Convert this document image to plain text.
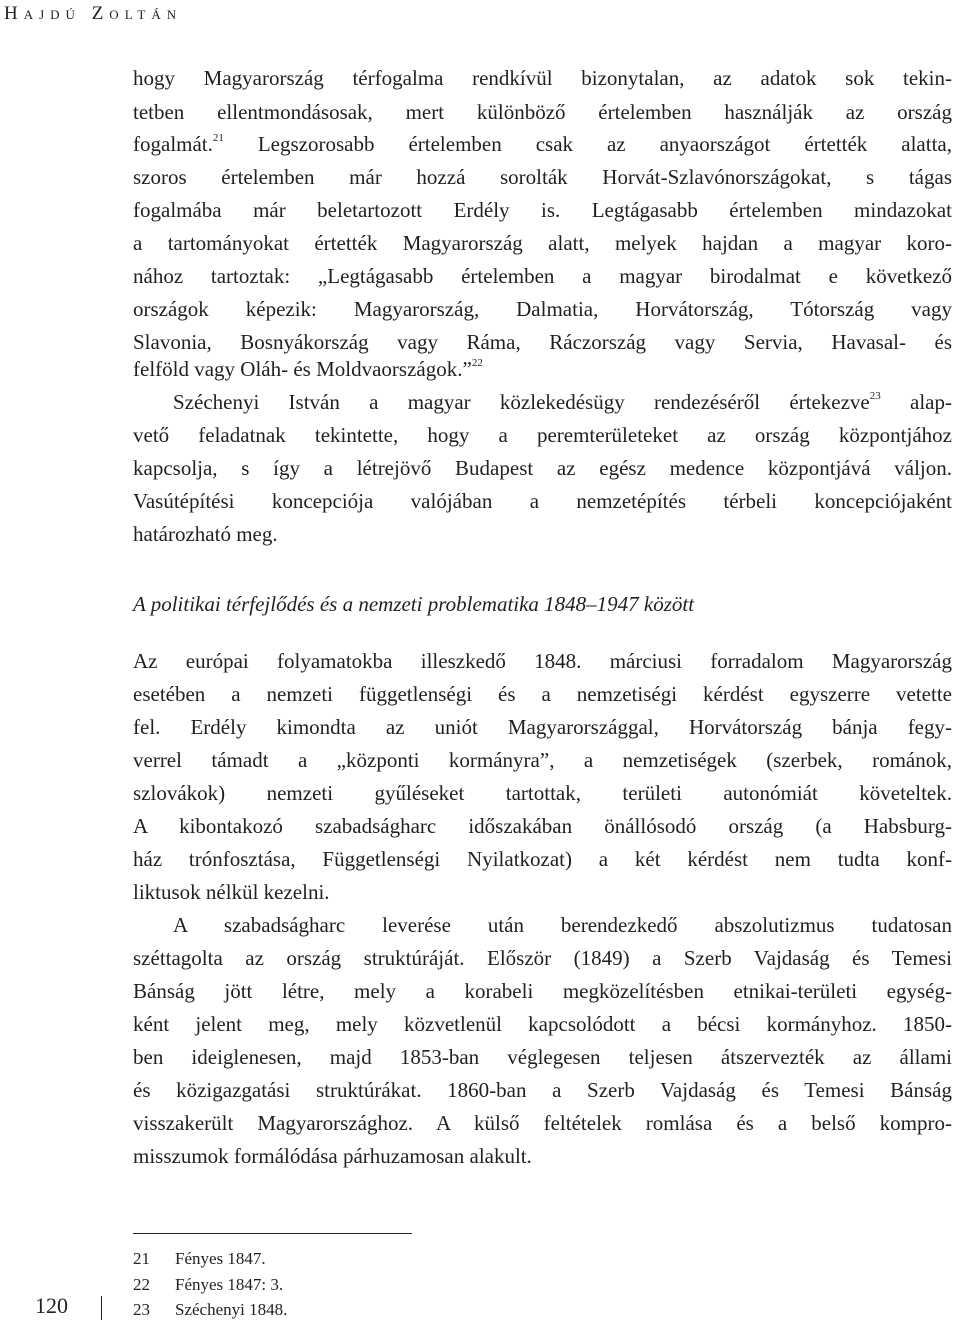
Hajdú Zoltán
hogy Magyarország térfogalma rendkívül bizonytalan, az adatok sok tekin-
tetben ellentmondásosak, mert különböző értelemben használják az ország
fogalmát.$^{21}$ Legszorosabb értelemben csak az anyaországot értették alatta,
szoros értelemben már hozzá sorolták Horvát-Szlavónországokat, s tágas
fogalmába már beletartozott Erdély is. Legtágasabb értelemben mindazokat
a tartományokat értették Magyarország alatt, melyek hajdan a magyar koro-
nához tartoztak: „Legtágasabb értelemben a magyar birodalmat e következő
országok képezik: Magyarország, Dalmatia, Horvátország, Tótország vagy
Slavonia, Bosnyákország vagy Ráma, Ráczország vagy Servia, Havasal- és
felföld vagy Oláh- és Moldvaországok.”$^{22}$
Széchenyi István a magyar közlekedésügy rendezéséről értekezve$^{23}$ alap-
vető feladatnak tekintette, hogy a peremterületeket az ország központjához
kapcsolja, s így a létrejövő Budapest az egész medence központjává váljon.
Vasútépítési koncepciója valójában a nemzetépítés térbeli koncepciójaként
határozható meg.
A politikai térfejlődés és a nemzeti problematika 1848–1947 között
Az európai folyamatokba illeszkedő 1848. márciusi forradalom Magyarország
esetében a nemzeti függetlenségi és a nemzetiségi kérdést egyszerre vetette
fel. Erdély kimondta az uniót Magyarországgal, Horvátország bánja fegy-
verrel támadt a „központi kormányra”, a nemzetiségek (szerbek, románok,
szlovákok) nemzeti gyűléseket tartottak, területi autonómiát követeltek.
A kibontakozó szabadságharc időszakában önállósodó ország (a Habsburg-
ház trónfosztása, Függetlenségi Nyilatkozat) a két kérdést nem tudta konf-
liktusok nélkül kezelni.
A szabadságharc leverése után berendezkedő abszolutizmus tudatosan
széttagolta az ország struktúráját. Először (1849) a Szerb Vajdaság és Temesi
Bánság jött létre, mely a korabeli megközelítésben etnikai-területi egység-
ként jelent meg, mely közvetlenül kapcsolódott a bécsi kormányhoz. 1850-
ben ideiglenesen, majd 1853-ban véglegesen teljesen átszervezték az állami
és közigazgatási struktúrákat. 1860-ban a Szerb Vajdaság és Temesi Bánság
visszakerült Magyarországhoz. A külső feltételek romlása és a belső kompro-
misszumok formálódása párhuzamosan alakult.
21 Fényes 1847.
22 Fényes 1847: 3.
23 Széchenyi 1848.
120
